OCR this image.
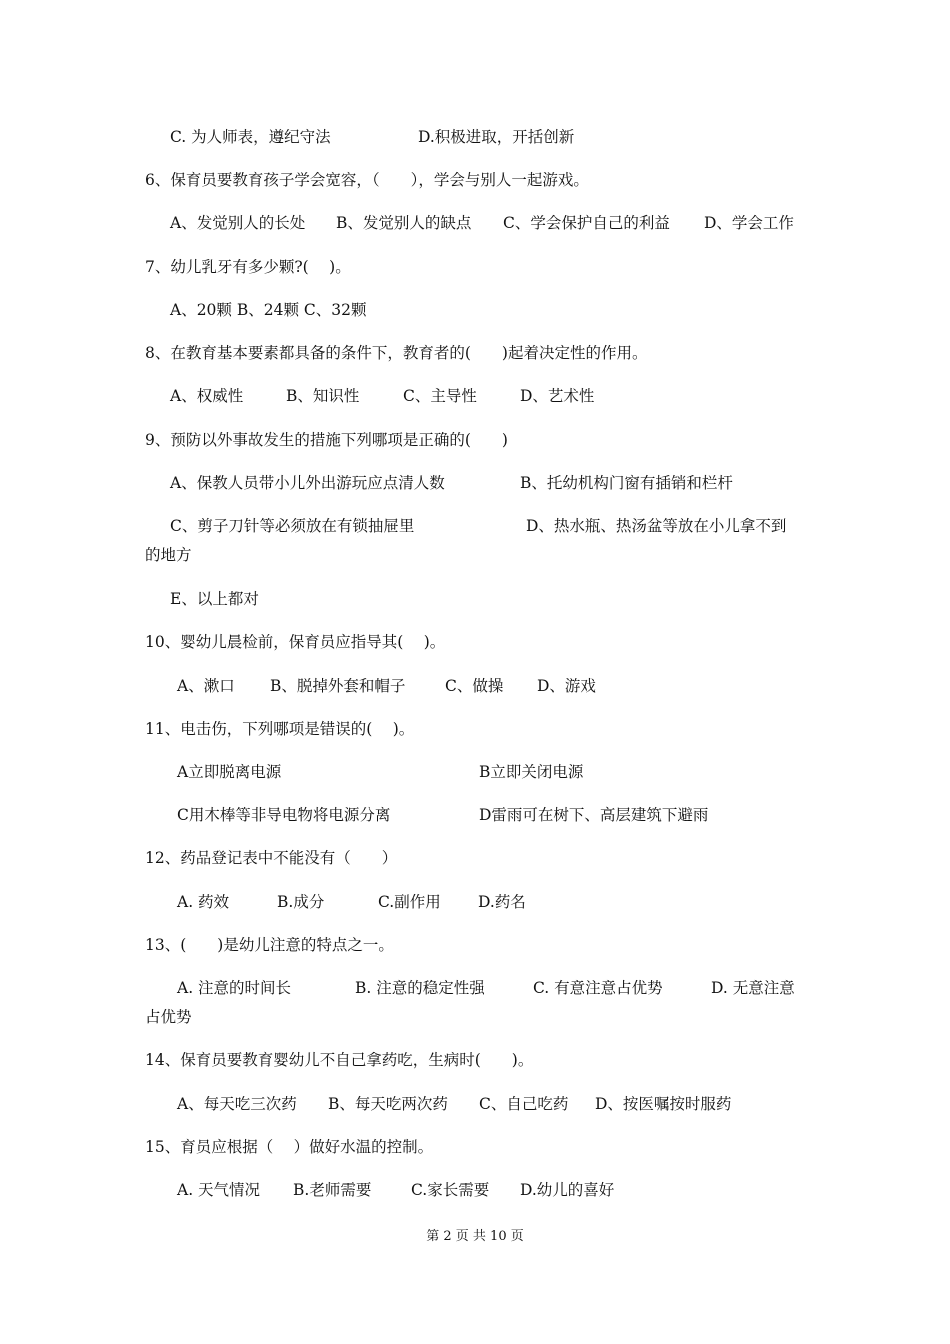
C. 为人师表，遵纪守法	D.积极进取，开括创新
6、保育员要教育孩子学会宽容，（　　），学会与别人一起游戏。
A、发觉别人的长处 B、发觉别人的缺点 C、学会保护自己的利益 D、学会工作
7、幼儿乳牙有多少颗?(　 )。
A、20颗 B、24颗 C、32颗
8、在教育基本要素都具备的条件下，教育者的(　　)起着决定性的作用。
A、权威性	B、知识性	C、主导性	D、艺术性
9、预防以外事故发生的措施下列哪项是正确的(　　)
A、保教人员带小儿外出游玩应点清人数	B、托幼机构门窗有插销和栏杆
C、剪子刀针等必须放在有锁抽屉里	D、热水瓶、热汤盆等放在小儿拿不到
的地方
E、以上都对
10、婴幼儿晨检前，保育员应指导其(　 )。
A、漱口 B、脱掉外套和帽子	C、做操 D、游戏
11、电击伤，下列哪项是错误的(　 )。
A立即脱离电源	B立即关闭电源
C用木棒等非导电物将电源分离	D雷雨可在树下、高层建筑下避雨
12、药品登记表中不能没有（　　）
A. 药效	B.成分	C.副作用 D.药名
13、(　　)是幼儿注意的特点之一。
A. 注意的时间长	B. 注意的稳定性强	C. 有意注意占优势	D. 无意注意
占优势
14、保育员要教育婴幼儿不自己拿药吃，生病时(　　)。
A、每天吃三次药 B、每天吃两次药 C、自己吃药 D、按医嘱按时服药
15、育员应根据（　 ）做好水温的控制。
A. 天气情况 B.老师需要	C.家长需要 D.幼儿的喜好
第 2 页 共 10 页
